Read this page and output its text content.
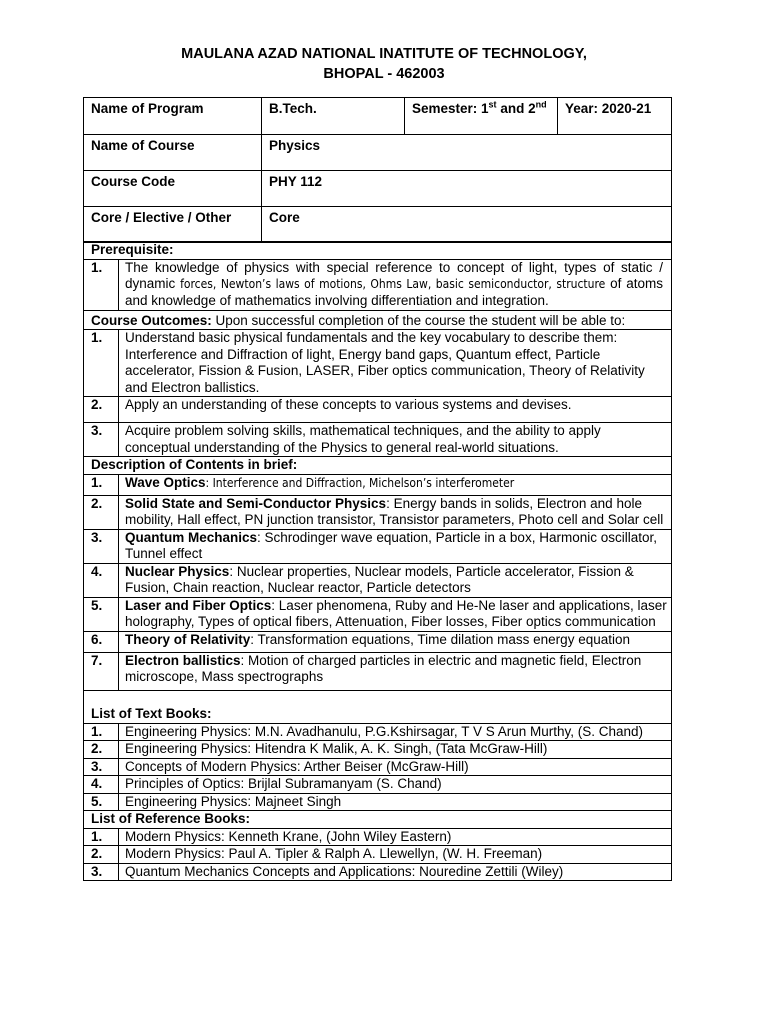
MAULANA AZAD NATIONAL INATITUTE OF TECHNOLOGY,
BHOPAL - 462003
Name of Program	B.Tech.	Semester: 1st and 2nd	Year: 2020-21
Name of Course	Physics		
Course Code	PHY 112		
Core / Elective / Other	Core		
Prerequisite:	
1.	The knowledge of physics with special reference to concept of light, types of static / dynamic forces, Newton’s laws of motions, Ohms Law, basic semiconductor, structure of atoms and knowledge of mathematics involving differentiation and integration.
Course Outcomes: Upon successful completion of the course the student will be able to:	
1.	Understand basic physical fundamentals and the key vocabulary to describe them: Interference and Diffraction of light, Energy band gaps, Quantum effect, Particle accelerator, Fission & Fusion, LASER, Fiber optics communication, Theory of Relativity and Electron ballistics.
2.	Apply an understanding of these concepts to various systems and devises.
3.	Acquire problem solving skills, mathematical techniques, and the ability to apply conceptual understanding of the Physics to general real-world situations.
Description of Contents in brief:	
1.	Wave Optics: Interference and Diffraction, Michelson’s interferometer
2.	Solid State and Semi-Conductor Physics: Energy bands in solids, Electron and hole mobility, Hall effect, PN junction transistor, Transistor parameters, Photo cell and Solar cell
3.	Quantum Mechanics: Schrodinger wave equation, Particle in a box, Harmonic oscillator, Tunnel effect
4.	Nuclear Physics: Nuclear properties, Nuclear models, Particle accelerator, Fission & Fusion, Chain reaction, Nuclear reactor, Particle detectors
5.	Laser and Fiber Optics: Laser phenomena, Ruby and He-Ne laser and applications, laser holography, Types of optical fibers, Attenuation, Fiber losses, Fiber optics communication
6.	Theory of Relativity: Transformation equations, Time dilation mass energy equation
7.	Electron ballistics: Motion of charged particles in electric and magnetic field, Electron microscope, Mass spectrographs
List of Text Books:	
1.	Engineering Physics: M.N. Avadhanulu, P.G.Kshirsagar, T V S Arun Murthy, (S. Chand)
2.	Engineering Physics: Hitendra K Malik, A. K. Singh, (Tata McGraw-Hill)
3.	Concepts of Modern Physics: Arther Beiser (McGraw-Hill)
4.	Principles of Optics: Brijlal Subramanyam (S. Chand)
5.	Engineering Physics: Majneet Singh
List of Reference Books:	
1.	Modern Physics: Kenneth Krane, (John Wiley Eastern)
2.	Modern Physics: Paul A. Tipler & Ralph A. Llewellyn, (W. H. Freeman)
3.	Quantum Mechanics Concepts and Applications: Nouredine Zettili (Wiley)
